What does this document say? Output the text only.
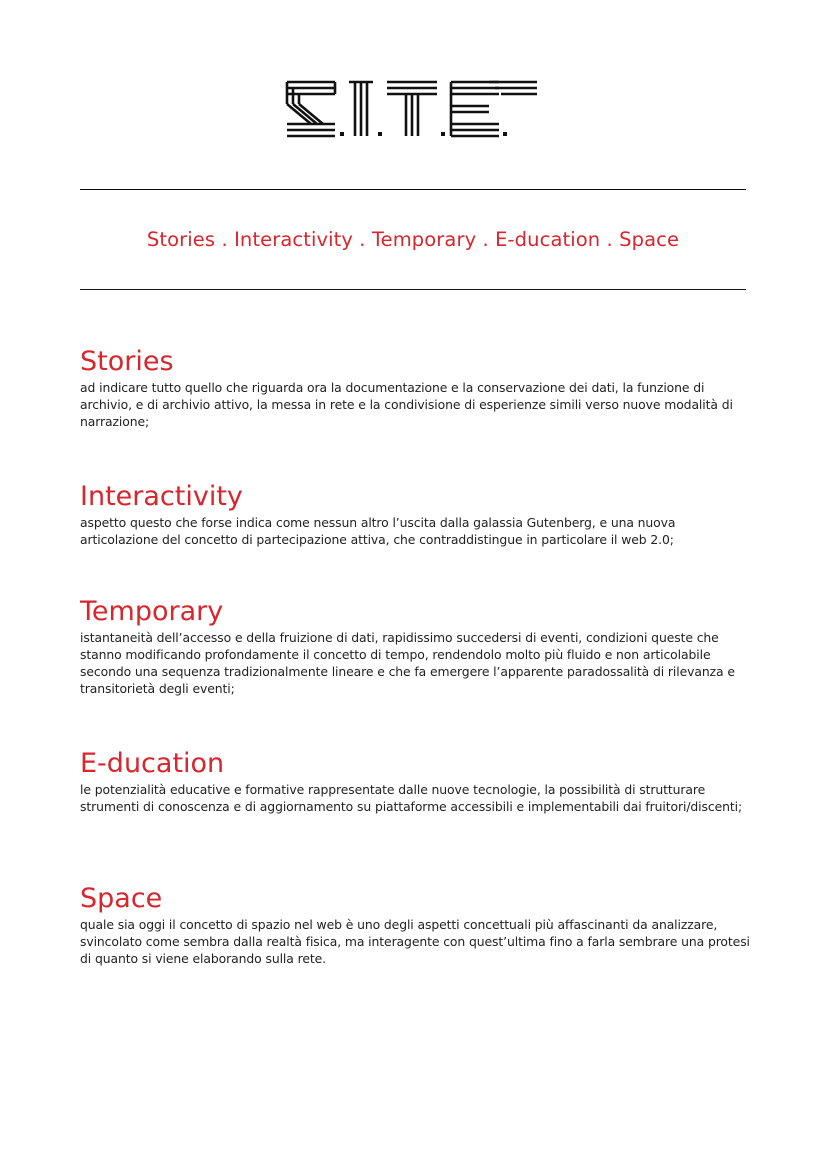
Stories . Interactivity . Temporary . E-ducation . Space
Stories

ad indicare tutto quello che riguarda ora la documentazione e la conservazione dei dati, la funzione di archivio, e di archivio attivo, la messa in rete e la condivisione di esperienze simili verso nuove modalità di narrazione;

Interactivity

aspetto questo che forse indica come nessun altro l’uscita dalla galassia Gutenberg, e una nuova articolazione del concetto di partecipazione attiva, che contraddistingue in particolare il web 2.0;

Temporary

istantaneità dell’accesso e della fruizione di dati, rapidissimo succedersi di eventi, condizioni queste che stanno modificando profondamente il concetto di tempo, rendendolo molto più fluido e non articolabile secondo una sequenza tradizionalmente lineare e che fa emergere l’apparente paradossalità di rilevanza e transitorietà degli eventi;

E-ducation

le potenzialità educative e formative rappresentate dalle nuove tecnologie, la possibilità di strutturare strumenti di conoscenza e di aggiornamento su piattaforme accessibili e implementabili dai fruitori/discenti;

Space

quale sia oggi il concetto di spazio nel web è uno degli aspetti concettuali più affascinanti da analizzare, svincolato come sembra dalla realtà fisica, ma interagente con quest’ultima fino a farla sembrare una protesi di quanto si viene elaborando sulla rete.
